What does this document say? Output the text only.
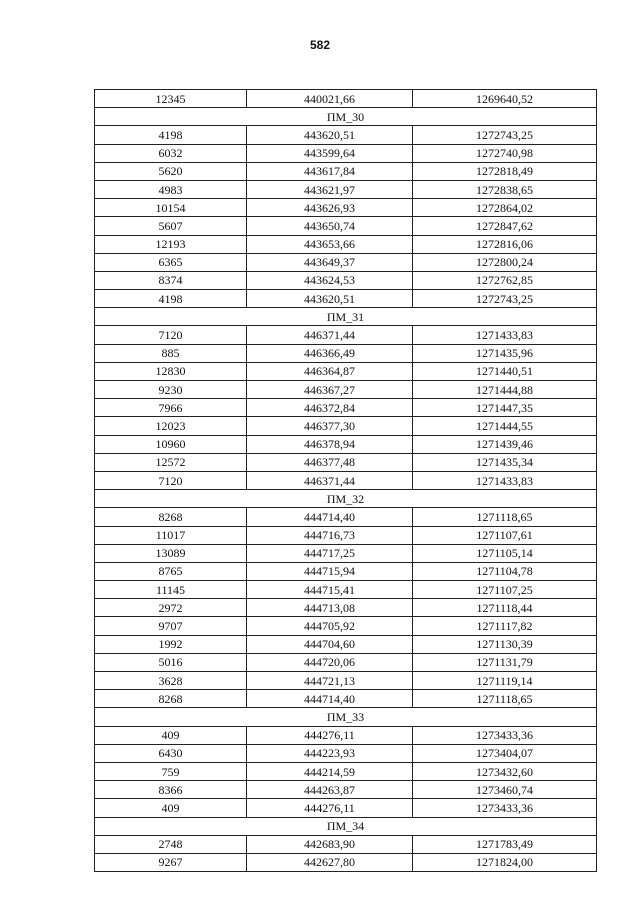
582
12345	440021,66	1269640,52
ПМ_30		
4198	443620,51	1272743,25
6032	443599,64	1272740,98
5620	443617,84	1272818,49
4983	443621,97	1272838,65
10154	443626,93	1272864,02
5607	443650,74	1272847,62
12193	443653,66	1272816,06
6365	443649,37	1272800,24
8374	443624,53	1272762,85
4198	443620,51	1272743,25
ПМ_31		
7120	446371,44	1271433,83
885	446366,49	1271435,96
12830	446364,87	1271440,51
9230	446367,27	1271444,88
7966	446372,84	1271447,35
12023	446377,30	1271444,55
10960	446378,94	1271439,46
12572	446377,48	1271435,34
7120	446371,44	1271433,83
ПМ_32		
8268	444714,40	1271118,65
11017	444716,73	1271107,61
13089	444717,25	1271105,14
8765	444715,94	1271104,78
11145	444715,41	1271107,25
2972	444713,08	1271118,44
9707	444705,92	1271117,82
1992	444704,60	1271130,39
5016	444720,06	1271131,79
3628	444721,13	1271119,14
8268	444714,40	1271118,65
ПМ_33		
409	444276,11	1273433,36
6430	444223,93	1273404,07
759	444214,59	1273432,60
8366	444263,87	1273460,74
409	444276,11	1273433,36
ПМ_34		
2748	442683,90	1271783,49
9267	442627,80	1271824,00
